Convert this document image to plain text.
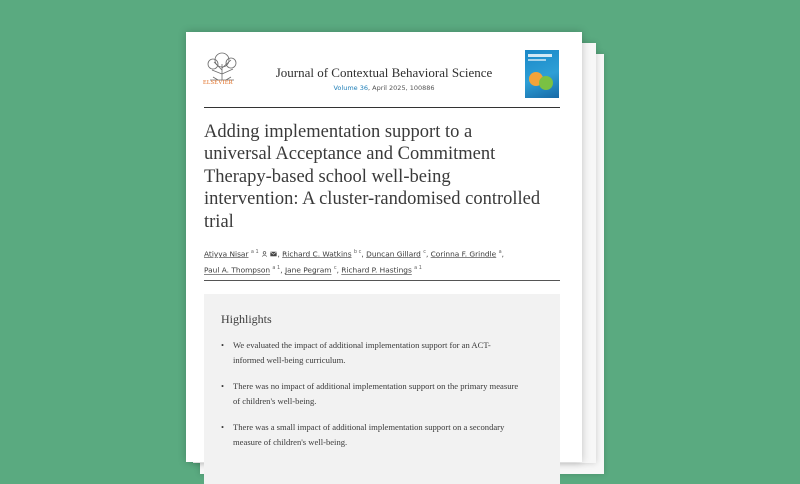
ELSEVIER
Journal of Contextual Behavioral Science
Volume 36, April 2025, 100886
Adding implementation support to a universal Acceptance and Commitment Therapy-based school well-being intervention: A cluster-randomised controlled trial
Atiyya Nisar $^{a 1}$	, Richard C. Watkins $^{b c}$, Duncan Gillard $^c$, Corinna F. Grindle $^a$,
Paul A. Thompson $^{a 1}$, Jane Pegram $^c$, Richard P. Hastings $^{a 1}$
Highlights
• We evaluated the impact of additional implementation support for an ACT-informed well-being curriculum.
• There was no impact of additional implementation support on the primary measure of children's well-being.
• There was a small impact of additional implementation support on a secondary measure of children's well-being.
